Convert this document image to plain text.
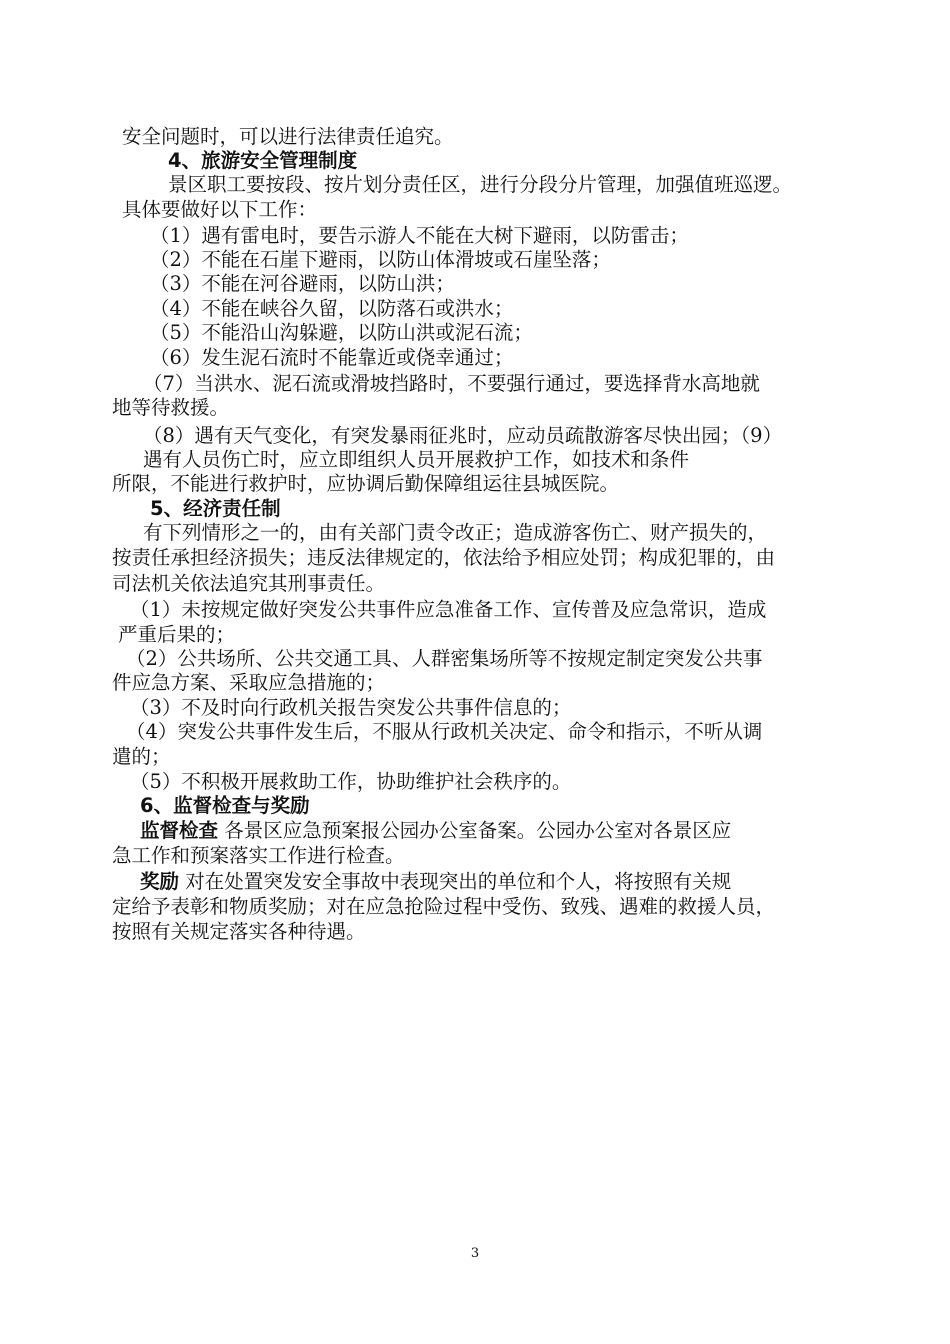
安全问题时，可以进行法律责任追究。
4、旅游安全管理制度
景区职工要按段、按片划分责任区，进行分段分片管理，加强值班巡逻。
具体要做好以下工作：
（1）遇有雷电时，要告示游人不能在大树下避雨，以防雷击；
（2）不能在石崖下避雨，以防山体滑坡或石崖坠落；
（3）不能在河谷避雨，以防山洪；
（4）不能在峡谷久留，以防落石或洪水；
（5）不能沿山沟躲避，以防山洪或泥石流；
（6）发生泥石流时不能靠近或侥幸通过；
（7）当洪水、泥石流或滑坡挡路时，不要强行通过，要选择背水高地就
地等待救援。
（8）遇有天气变化，有突发暴雨征兆时，应动员疏散游客尽快出园；（9）
遇有人员伤亡时，应立即组织人员开展救护工作，如技术和条件
所限，不能进行救护时，应协调后勤保障组运往县城医院。
5、经济责任制
有下列情形之一的，由有关部门责令改正；造成游客伤亡、财产损失的，
按责任承担经济损失；违反法律规定的，依法给予相应处罚；构成犯罪的，由
司法机关依法追究其刑事责任。
（1）未按规定做好突发公共事件应急准备工作、宣传普及应急常识，造成
严重后果的；
（2）公共场所、公共交通工具、人群密集场所等不按规定制定突发公共事
件应急方案、采取应急措施的；
（3）不及时向行政机关报告突发公共事件信息的；
（4）突发公共事件发生后，不服从行政机关决定、命令和指示，不听从调
遣的；
（5）不积极开展救助工作，协助维护社会秩序的。
6、监督检查与奖励
监督检查 各景区应急预案报公园办公室备案。公园办公室对各景区应
急工作和预案落实工作进行检查。
奖励 对在处置突发安全事故中表现突出的单位和个人，将按照有关规
定给予表彰和物质奖励；对在应急抢险过程中受伤、致残、遇难的救援人员，
按照有关规定落实各种待遇。
3
